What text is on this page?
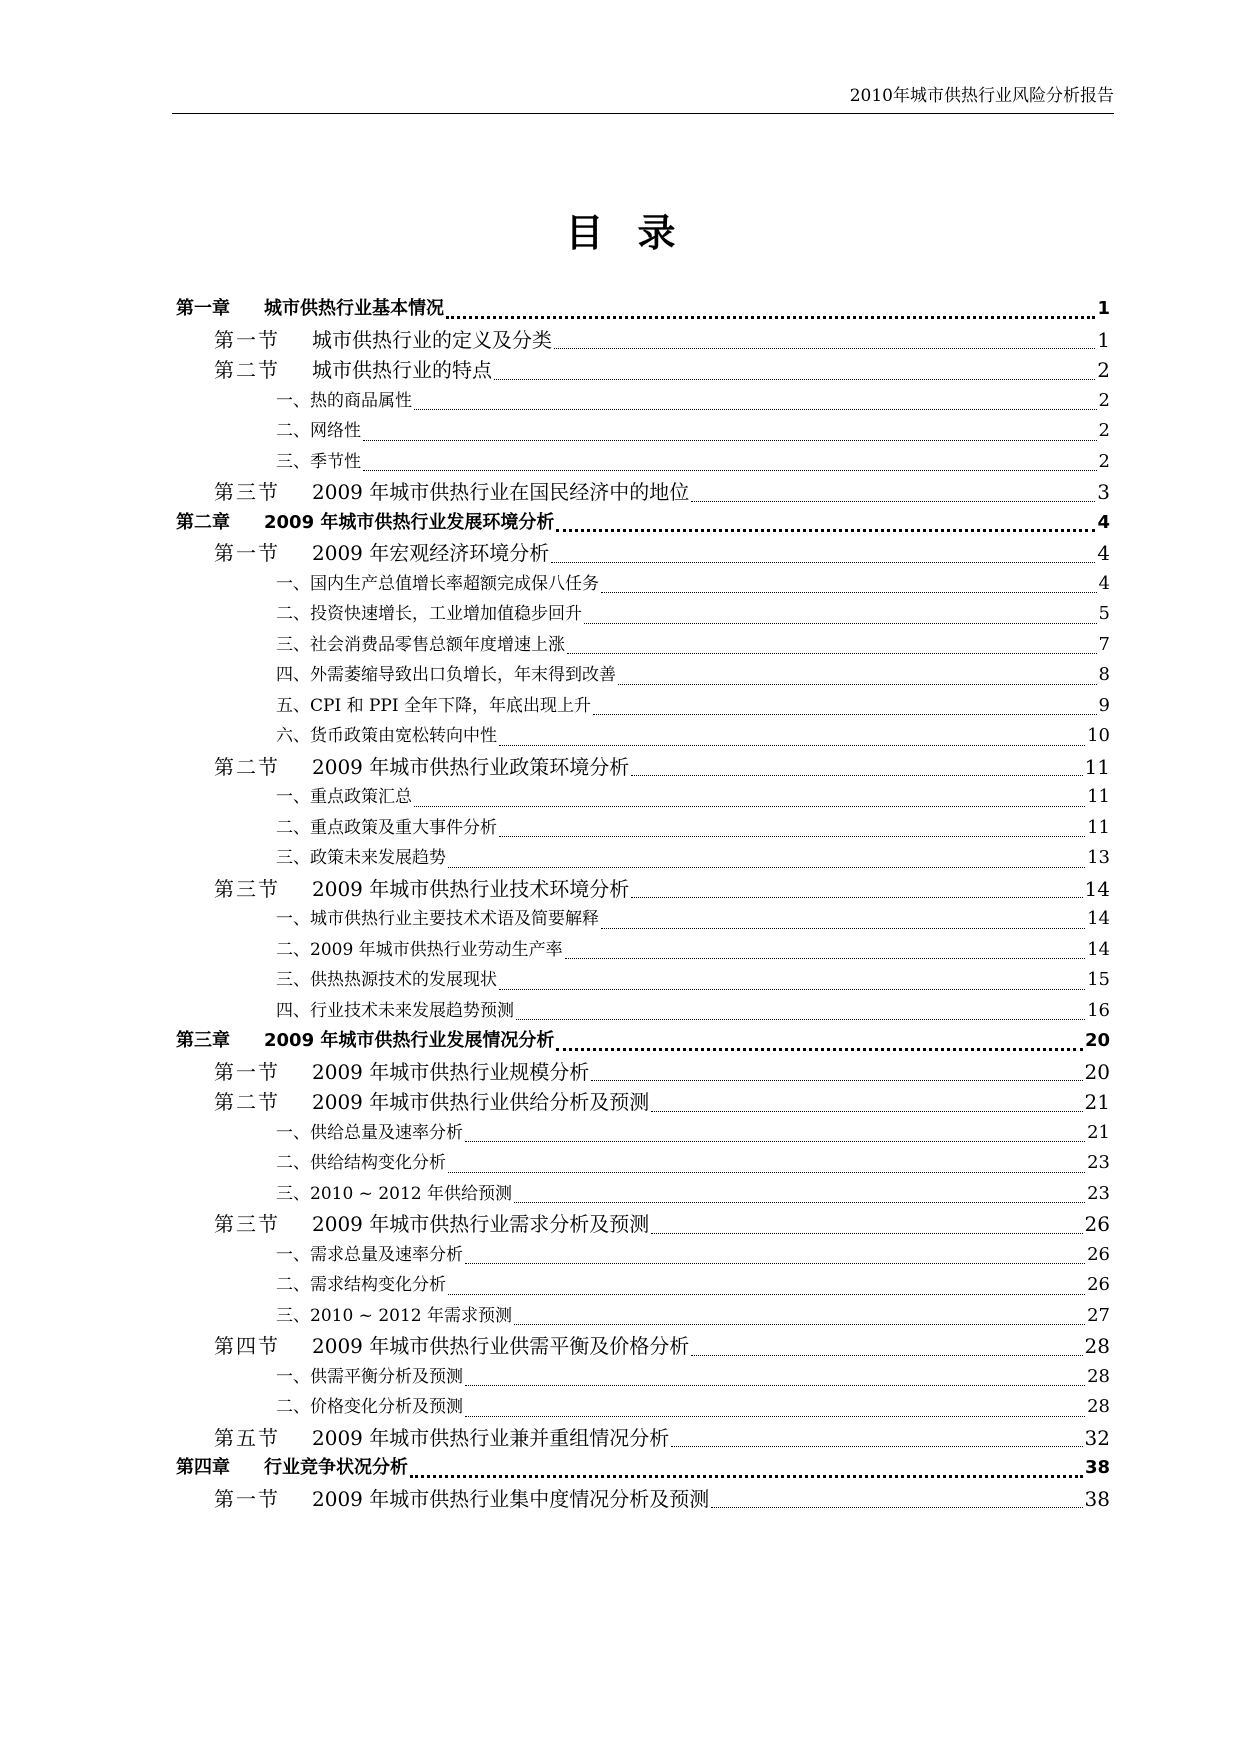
2010年城市供热行业风险分析报告
目录
第一章 城市供热行业基本情况	1
第一节 城市供热行业的定义及分类	1
第二节 城市供热行业的特点	2
一、热的商品属性	2
二、网络性	2
三、季节性	2
第三节 2009 年城市供热行业在国民经济中的地位	3
第二章 2009 年城市供热行业发展环境分析	4
第一节 2009 年宏观经济环境分析	4
一、国内生产总值增长率超额完成保八任务	4
二、投资快速增长，工业增加值稳步回升	5
三、社会消费品零售总额年度增速上涨	7
四、外需萎缩导致出口负增长，年末得到改善	8
五、CPI 和 PPI 全年下降，年底出现上升	9
六、货币政策由宽松转向中性	10
第二节 2009 年城市供热行业政策环境分析	11
一、重点政策汇总	11
二、重点政策及重大事件分析	11
三、政策未来发展趋势	13
第三节 2009 年城市供热行业技术环境分析	14
一、城市供热行业主要技术术语及简要解释	14
二、2009 年城市供热行业劳动生产率	14
三、供热热源技术的发展现状	15
四、行业技术未来发展趋势预测	16
第三章 2009 年城市供热行业发展情况分析	20
第一节 2009 年城市供热行业规模分析	20
第二节 2009 年城市供热行业供给分析及预测	21
一、供给总量及速率分析	21
二、供给结构变化分析	23
三、2010 ~ 2012 年供给预测	23
第三节 2009 年城市供热行业需求分析及预测	26
一、需求总量及速率分析	26
二、需求结构变化分析	26
三、2010 ~ 2012 年需求预测	27
第四节 2009 年城市供热行业供需平衡及价格分析	28
一、供需平衡分析及预测	28
二、价格变化分析及预测	28
第五节 2009 年城市供热行业兼并重组情况分析	32
第四章 行业竞争状况分析	38
第一节 2009 年城市供热行业集中度情况分析及预测	38
